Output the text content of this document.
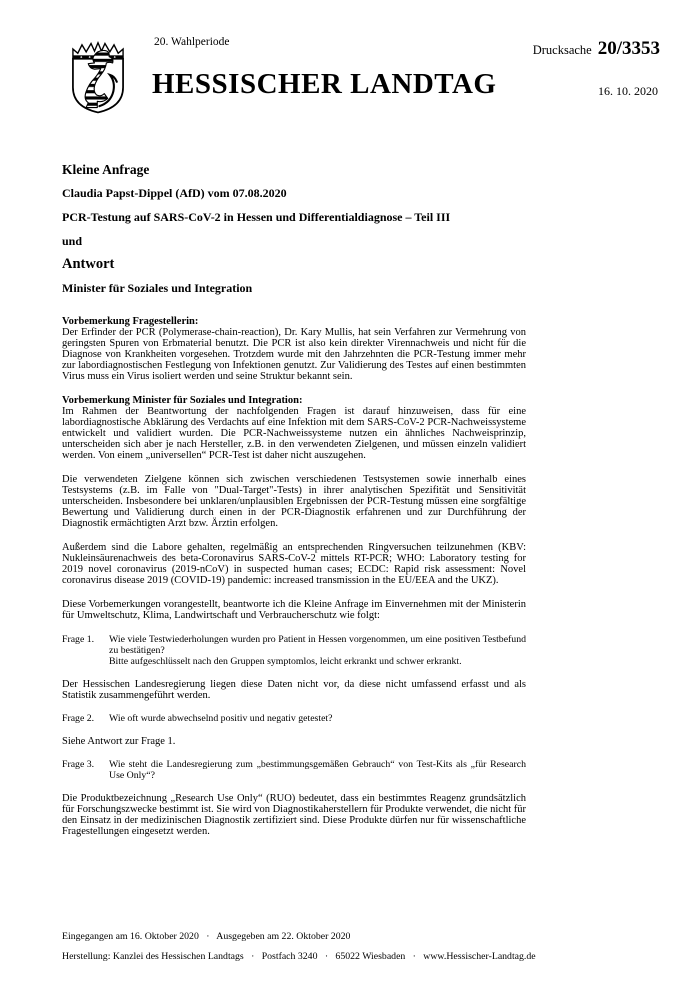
20. Wahlperiode
HESSISCHER LANDTAG
Drucksache 20/3353
16. 10. 2020
Kleine Anfrage
Claudia Papst-Dippel (AfD) vom 07.08.2020
PCR-Testung auf SARS-CoV-2 in Hessen und Differentialdiagnose – Teil III
und
Antwort
Minister für Soziales und Integration
Vorbemerkung Fragestellerin:

Der Erfinder der PCR (Polymerase-chain-reaction), Dr. Kary Mullis, hat sein Verfahren zur Vermehrung von geringsten Spuren von Erbmaterial benutzt. Die PCR ist also kein direkter Virennachweis und nicht für die Diagnose von Krankheiten vorgesehen. Trotzdem wurde mit den Jahrzehnten die PCR-Testung immer mehr zur labordiagnostischen Festlegung von Infektionen genutzt. Zur Validierung des Testes auf einen bestimmten Virus muss ein Virus isoliert werden und seine Struktur bekannt sein.

Vorbemerkung Minister für Soziales und Integration:

Im Rahmen der Beantwortung der nachfolgenden Fragen ist darauf hinzuweisen, dass für eine labordiagnostische Abklärung des Verdachts auf eine Infektion mit dem SARS-CoV-2 PCR-Nachweissysteme entwickelt und validiert wurden. Die PCR-Nachweissysteme nutzen ein ähnliches Nachweisprinzip, unterscheiden sich aber je nach Hersteller, z.B. in den verwendeten Zielgenen, und müssen einzeln validiert werden. Von einem „universellen“ PCR-Test ist daher nicht auszugehen.

Die verwendeten Zielgene können sich zwischen verschiedenen Testsystemen sowie innerhalb eines Testsystems (z.B. im Falle von "Dual-Target"-Tests) in ihrer analytischen Spezifität und Sensitivität unterscheiden. Insbesondere bei unklaren/unplausiblen Ergebnissen der PCR-Testung müssen eine sorgfältige Bewertung und Validierung durch einen in der PCR-Diagnostik erfahrenen und zur Durchführung der Diagnostik ermächtigten Arzt bzw. Ärztin erfolgen.

Außerdem sind die Labore gehalten, regelmäßig an entsprechenden Ringversuchen teilzunehmen (KBV: Nukleinsäurenachweis des beta-Coronavirus SARS-CoV-2 mittels RT-PCR; WHO: Laboratory testing for 2019 novel coronavirus (2019-nCoV) in suspected human cases; ECDC: Rapid risk assessment: Novel coronavirus disease 2019 (COVID-19) pandemic: increased transmission in the EU/EEA and the UKZ).

Diese Vorbemerkungen vorangestellt, beantworte ich die Kleine Anfrage im Einvernehmen mit der Ministerin für Umweltschutz, Klima, Landwirtschaft und Verbraucherschutz wie folgt:

Frage 1.	Wie viele Testwiederholungen wurden pro Patient in Hessen vorgenommen, um eine positiven Testbefund zu bestätigen?

Bitte aufgeschlüsselt nach den Gruppen symptomlos, leicht erkrankt und schwer erkrankt.

Der Hessischen Landesregierung liegen diese Daten nicht vor, da diese nicht umfassend erfasst und als Statistik zusammengeführt werden.

Frage 2.	Wie oft wurde abwechselnd positiv und negativ getestet?

Siehe Antwort zur Frage 1.

Frage 3.	Wie steht die Landesregierung zum „bestimmungsgemäßen Gebrauch“ von Test-Kits als „für Research Use Only“?

Die Produktbezeichnung „Research Use Only“ (RUO) bedeutet, dass ein bestimmtes Reagenz grundsätzlich für Forschungszwecke bestimmt ist. Sie wird von Diagnostikaherstellern für Produkte verwendet, die nicht für den Einsatz in der medizinischen Diagnostik zertifiziert sind. Diese Produkte dürfen nur für wissenschaftliche Fragestellungen eingesetzt werden.

Eingegangen am 16. Oktober 2020   ·   Ausgegeben am 22. Oktober 2020

Herstellung: Kanzlei des Hessischen Landtags   ·   Postfach 3240   ·   65022 Wiesbaden   ·   www.Hessischer-Landtag.de
